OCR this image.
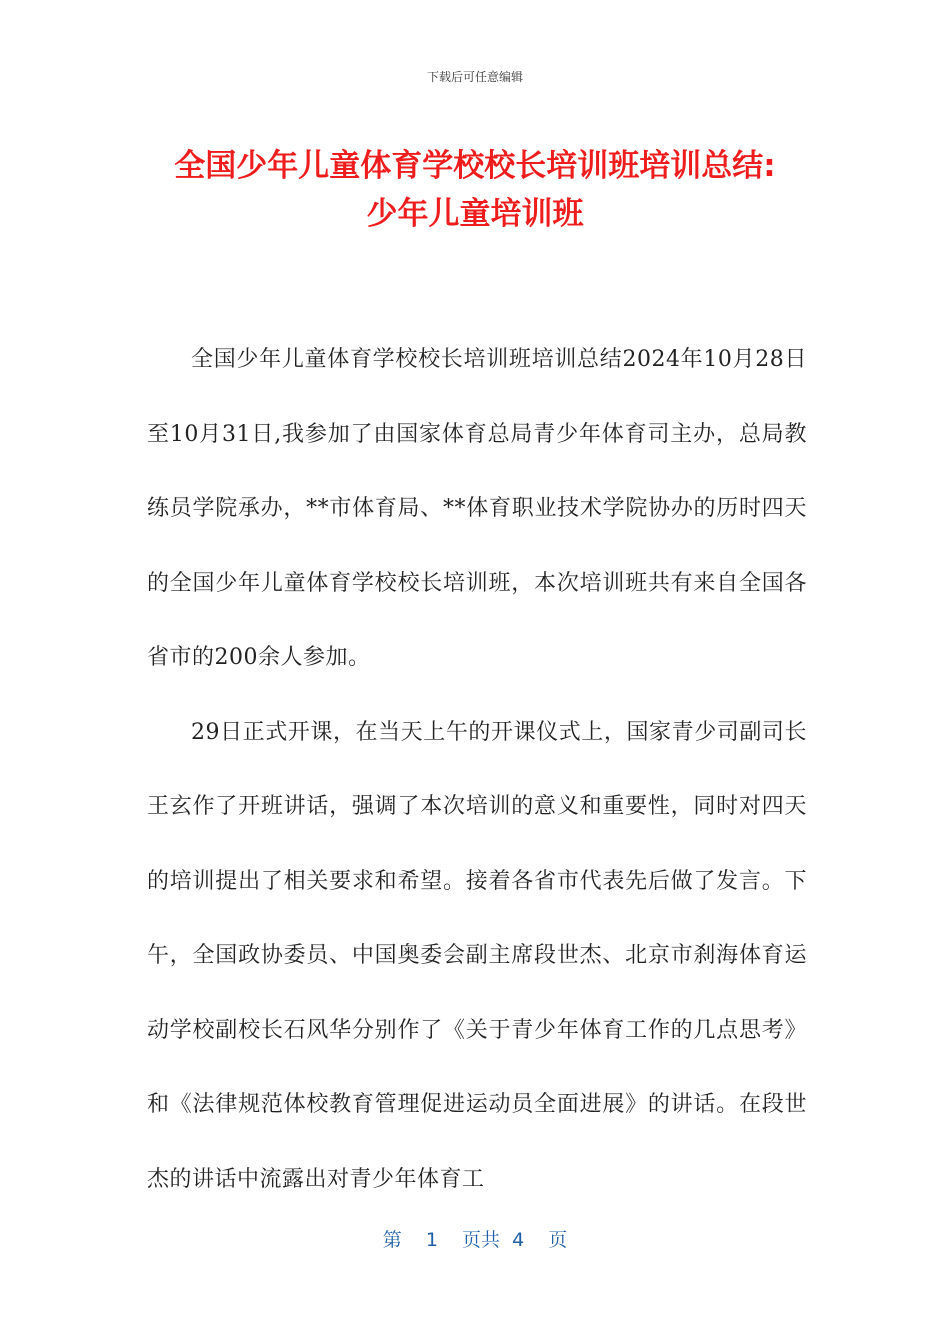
下载后可任意编辑
全国少年儿童体育学校校长培训班培训总结:
少年儿童培训班

全国少年儿童体育学校校长培训班培训总结2024年10月28日至10月31日,我参加了由国家体育总局青少年体育司主办，总局教练员学院承办，**市体育局、**体育职业技术学院协办的历时四天的全国少年儿童体育学校校长培训班，本次培训班共有来自全国各省市的200余人参加。

29日正式开课，在当天上午的开课仪式上，国家青少司副司长王玄作了开班讲话，强调了本次培训的意义和重要性，同时对四天的培训提出了相关要求和希望。接着各省市代表先后做了发言。下午，全国政协委员、中国奥委会副主席段世杰、北京市刹海体育运动学校副校长石风华分别作了《关于青少年体育工作的几点思考》和《法律规范体校教育管理促进运动员全面进展》的讲话。在段世杰的讲话中流露出对青少年体育工

第 1 页共 4 页
